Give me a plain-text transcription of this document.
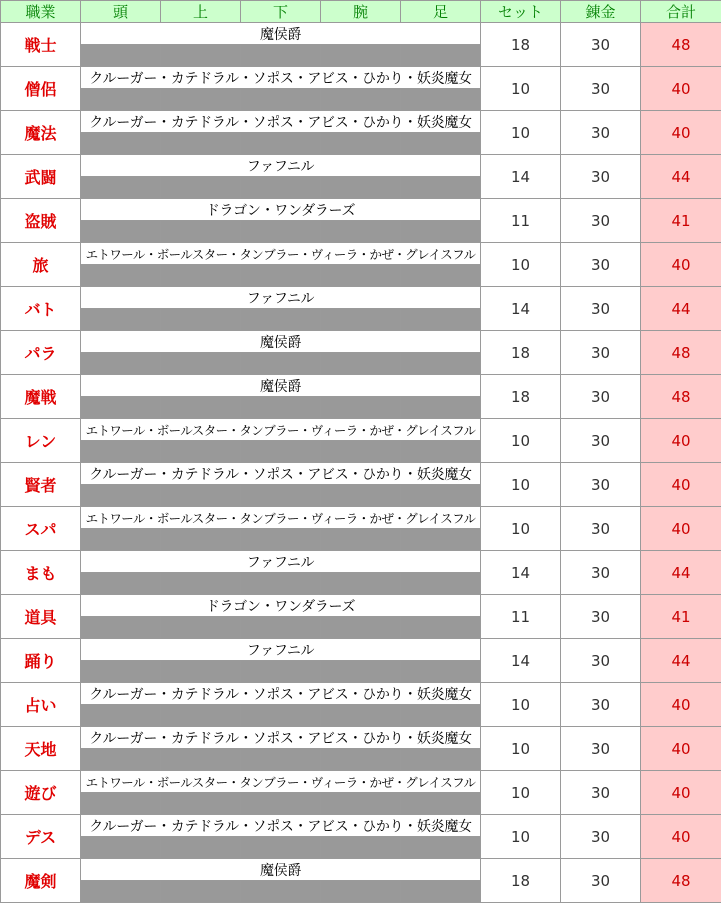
職業	頭	上	下	腕	足	セット	錬金	合計
戦士	魔侯爵					18	30	48

僧侶	クルーガー・カテドラル・ソポス・アビス・ひかり・妖炎魔女					10	30	40

魔法	クルーガー・カテドラル・ソポス・アビス・ひかり・妖炎魔女					10	30	40

武闘	ファフニル					14	30	44

盗賊	ドラゴン・ワンダラーズ					11	30	41

旅	エトワール・ボールスター・タンブラー・ヴィーラ・かぜ・グレイスフル					10	30	40

バト	ファフニル					14	30	44

パラ	魔侯爵					18	30	48

魔戦	魔侯爵					18	30	48

レン	エトワール・ボールスター・タンブラー・ヴィーラ・かぜ・グレイスフル					10	30	40

賢者	クルーガー・カテドラル・ソポス・アビス・ひかり・妖炎魔女					10	30	40

スパ	エトワール・ボールスター・タンブラー・ヴィーラ・かぜ・グレイスフル					10	30	40

まも	ファフニル					14	30	44

道具	ドラゴン・ワンダラーズ					11	30	41

踊り	ファフニル					14	30	44

占い	クルーガー・カテドラル・ソポス・アビス・ひかり・妖炎魔女					10	30	40

天地	クルーガー・カテドラル・ソポス・アビス・ひかり・妖炎魔女					10	30	40

遊び	エトワール・ボールスター・タンブラー・ヴィーラ・かぜ・グレイスフル					10	30	40

デス	クルーガー・カテドラル・ソポス・アビス・ひかり・妖炎魔女					10	30	40

魔剣	魔侯爵					18	30	48
